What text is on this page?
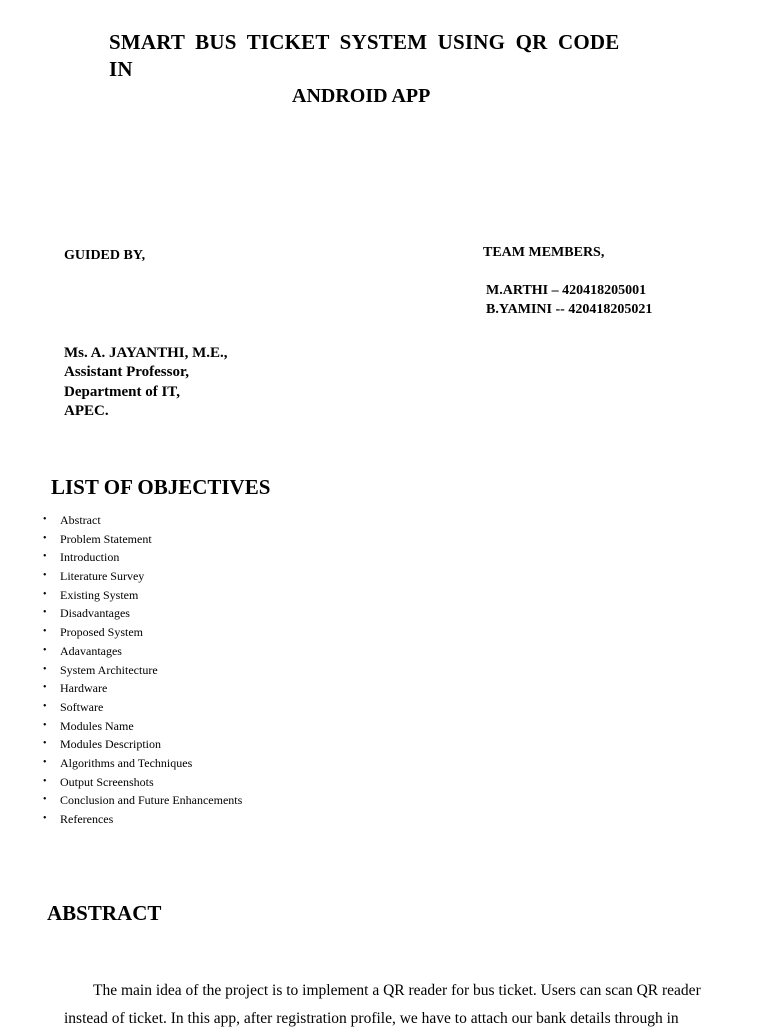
SMART BUS TICKET SYSTEM USING QR CODE
IN
ANDROID APP
GUIDED BY,	TEAM MEMBERS,
M.ARTHI – 420418205001
B.YAMINI -- 420418205021
Ms. A. JAYANTHI, M.E.,
Assistant Professor,
Department of IT,
APEC.
LIST OF OBJECTIVES
• Abstract
• Problem Statement
• Introduction
• Literature Survey
• Existing System
• Disadvantages
• Proposed System
• Adavantages
• System Architecture
• Hardware
• Software
• Modules Name
• Modules Description
• Algorithms and Techniques
• Output Screenshots
• Conclusion and Future Enhancements
• References
ABSTRACT
The main idea of the project is to implement a QR reader for bus ticket. Users can scan QR reader
instead of ticket. In this app, after registration profile, we have to attach our bank details through in
